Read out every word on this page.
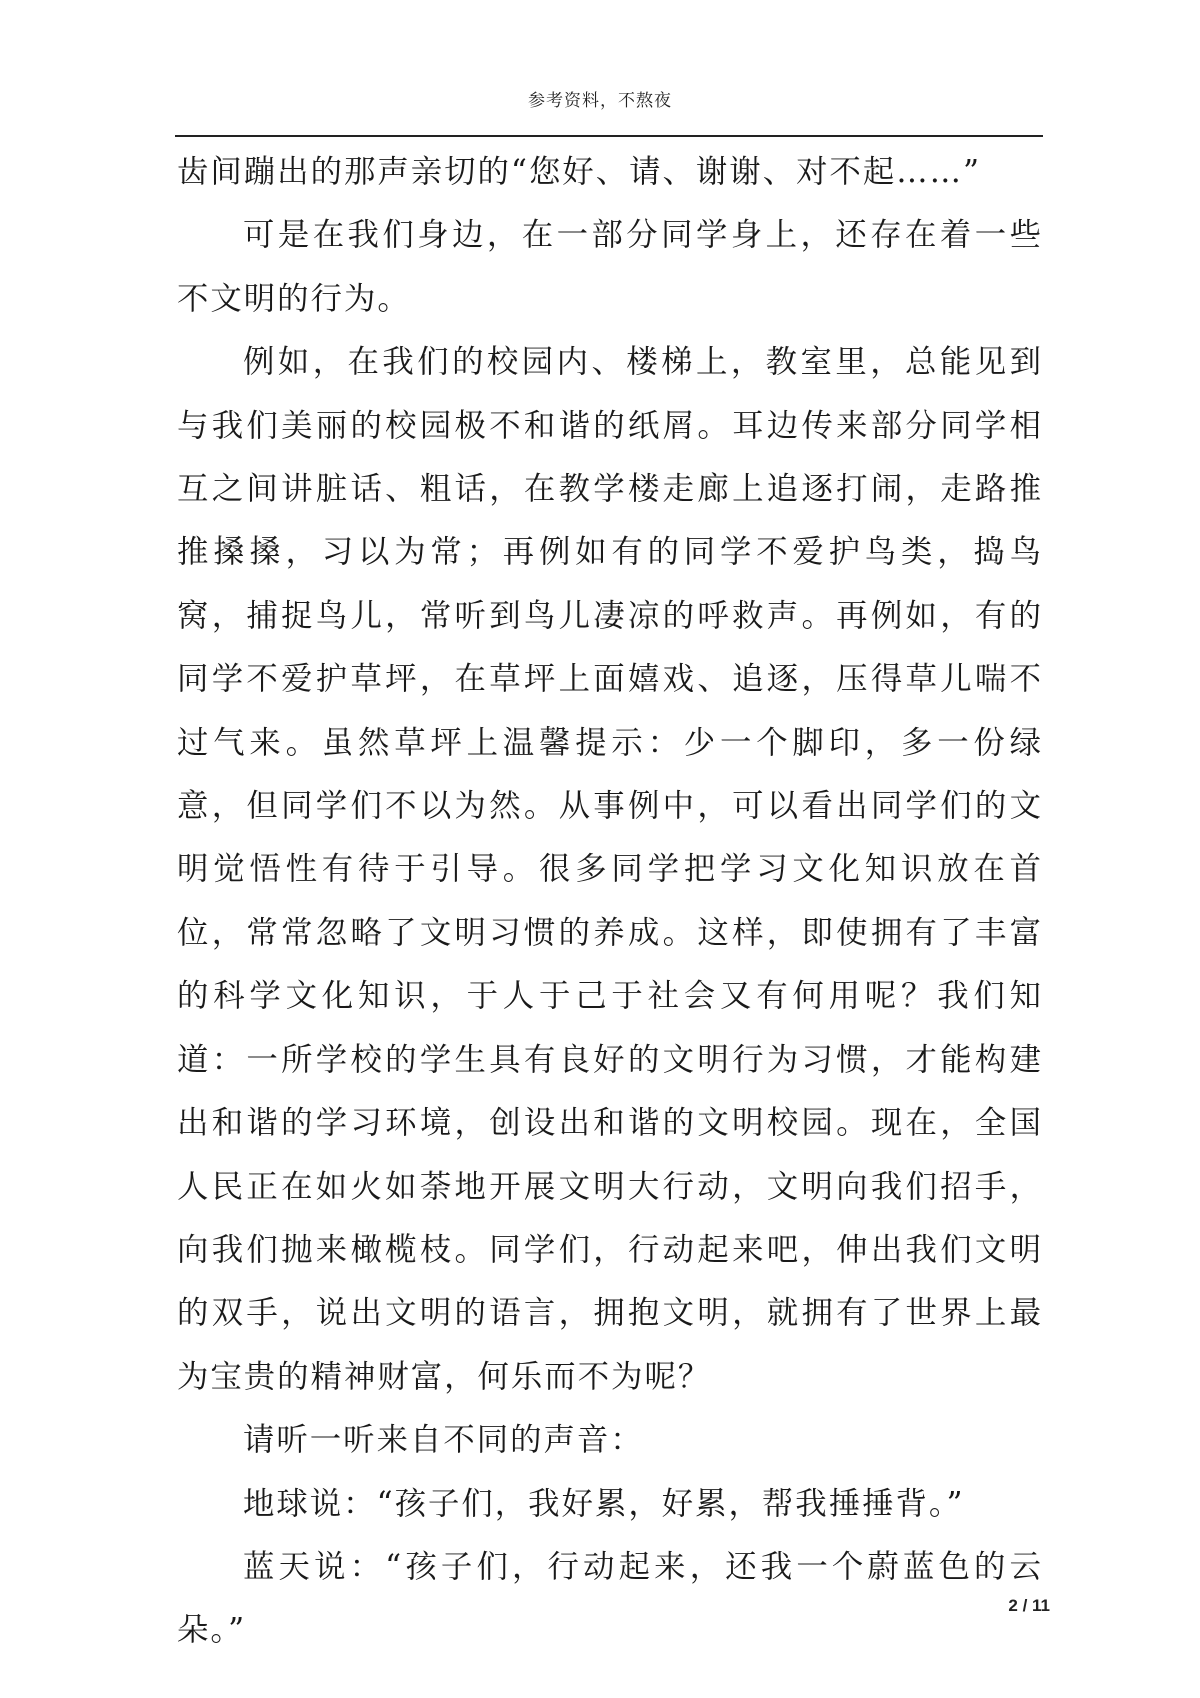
参考资料，不熬夜

齿间蹦出的那声亲切的“您好、请、谢谢、对不起……”

可是在我们身边，在一部分同学身上，还存在着一些不文明的行为。

例如，在我们的校园内、楼梯上，教室里，总能见到与我们美丽的校园极不和谐的纸屑。耳边传来部分同学相互之间讲脏话、粗话，在教学楼走廊上追逐打闹，走路推推搡搡，习以为常；再例如有的同学不爱护鸟类，捣鸟窝，捕捉鸟儿，常听到鸟儿凄凉的呼救声。再例如，有的同学不爱护草坪，在草坪上面嬉戏、追逐，压得草儿喘不过气来。虽然草坪上温馨提示：少一个脚印，多一份绿意，但同学们不以为然。从事例中，可以看出同学们的文明觉悟性有待于引导。很多同学把学习文化知识放在首位，常常忽略了文明习惯的养成。这样，即使拥有了丰富的科学文化知识，于人于己于社会又有何用呢？我们知道：一所学校的学生具有良好的文明行为习惯，才能构建出和谐的学习环境，创设出和谐的文明校园。现在，全国人民正在如火如荼地开展文明大行动，文明向我们招手，向我们抛来橄榄枝。同学们，行动起来吧，伸出我们文明的双手，说出文明的语言，拥抱文明，就拥有了世界上最为宝贵的精神财富，何乐而不为呢？

请听一听来自不同的声音：

地球说：“孩子们，我好累，好累，帮我捶捶背。”

蓝天说：“孩子们，行动起来，还我一个蔚蓝色的云朵。”

2 / 11
